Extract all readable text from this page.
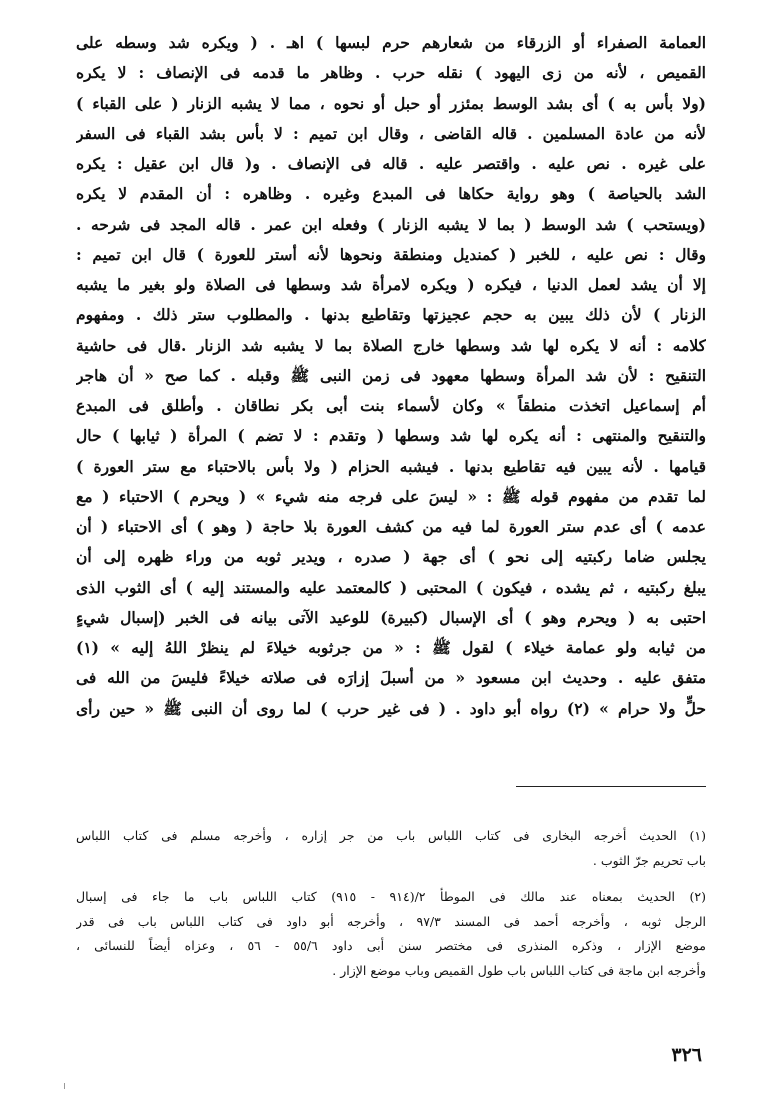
العمامة الصفراء أو الزرقاء من شعارهم حرم لبسها ) اهـ . ( ويكره شد وسطه على
القميص ، لأنه من زى اليهود ) نقله حرب . وظاهر ما قدمه فى الإنصاف : لا يكره
(ولا بأس به ) أى بشد الوسط بمئزر أو حبل أو نحوه ، مما لا يشبه الزنار ( على القباء )
لأنه من عادة المسلمين . قاله القاضى ، وقال ابن تميم : لا بأس بشد القباء فى السفر
على غيره . نص عليه . واقتصر عليه . قاله فى الإنصاف . و( قال ابن عقيل : يكره
الشد بالحياصة ) وهو رواية حكاها فى المبدع وغيره . وظاهره : أن المقدم لا يكره
(ويستحب ) شد الوسط ( بما لا يشبه الزنار ) وفعله ابن عمر . قاله المجد فى شرحه .
وقال : نص عليه ، للخبر ( كمنديل ومنطقة ونحوها لأنه أستر للعورة ) قال ابن تميم :
إلا أن يشد لعمل الدنيا ، فيكره ( ويكره لامرأة شد وسطها فى الصلاة ولو بغير ما يشبه
الزنار ) لأن ذلك يبين به حجم عجيزتها وتقاطيع بدنها . والمطلوب ستر ذلك . ومفهوم
كلامه : أنه لا يكره لها شد وسطها خارج الصلاة بما لا يشبه شد الزنار .قال فى حاشية
التنقيح : لأن شد المرأة وسطها معهود فى زمن النبى ﷺ وقبله . كما صح « أن هاجر
أم إسماعيل اتخذت منطقاً » وكان لأسماء بنت أبى بكر نطاقان . وأطلق فى المبدع
والتنقيح والمنتهى : أنه يكره لها شد وسطها ( وتقدم : لا تضم ) المرأة ( ثيابها ) حال
قيامها . لأنه يبين فيه تقاطيع بدنها . فيشبه الحزام ( ولا بأس بالاحتباء مع ستر العورة )
لما تقدم من مفهوم قوله ﷺ : « ليسَ على فرجه منه شيء » ( ويحرم ) الاحتباء ( مع
عدمه ) أى عدم ستر العورة لما فيه من كشف العورة بلا حاجة ( وهو ) أى الاحتباء ( أن
يجلس ضاما ركبتيه إلى نحو ) أى جهة ( صدره ، ويدير ثوبه من وراء ظهره إلى أن
يبلغ ركبتيه ، ثم يشده ، فيكون ) المحتبى ( كالمعتمد عليه والمستند إليه ) أى الثوب الذى
احتبى به ( ويحرم وهو ) أى الإسبال (كبيرة) للوعيد الآتى بيانه فى الخبر (إسبال شيءٍ
من ثيابه ولو عمامة خيلاء ) لقول ﷺ : « من جرثوبه خيلاءَ لم ينظرْ اللهُ إليه » (١)
متفق عليه . وحديث ابن مسعود « من أسبلَ إزارَه فى صلاته خيلاءً فليسَ من الله فى
حلٍّ ولا حرام » (٢) رواه أبو داود . ( فى غير حرب ) لما روى أن النبى ﷺ « حين رأى
(١) الحديث أخرجه البخارى فى كتاب اللباس باب من جر إزاره ، وأخرجه مسلم فى كتاب اللباس
باب تحريم جرّ الثوب .
(٢) الحديث بمعناه عند مالك فى الموطأ ٢/(٩١٤ - ٩١٥) كتاب اللباس باب ما جاء فى إسبال
الرجل ثوبه ، وأخرجه أحمد فى المسند ٩٧/٣ ، وأخرجه أبو داود فى كتاب اللباس باب فى قدر
موضع الإزار ، وذكره المنذرى فى مختصر سنن أبى داود ٥٥/٦ - ٥٦ ، وعزاه أيضاً للنسائى ،
وأخرجه ابن ماجة فى كتاب اللباس باب طول القميص وباب موضع الإزار .
٣٢٦
